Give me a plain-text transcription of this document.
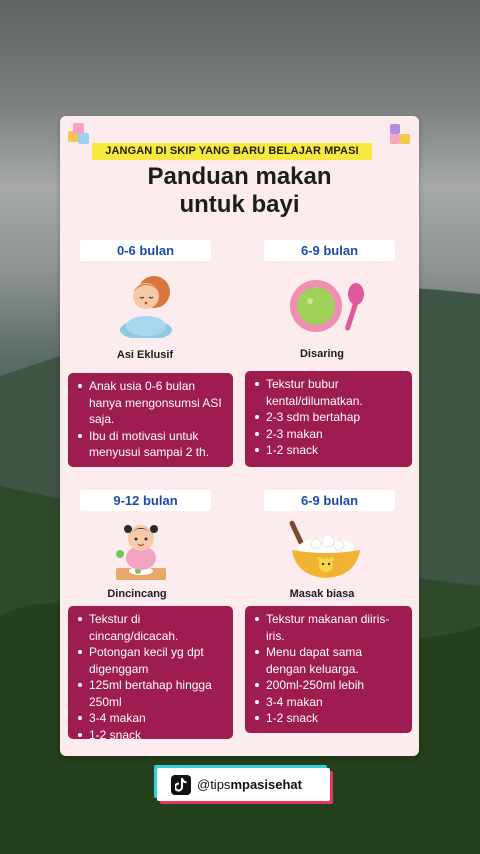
JANGAN DI SKIP YANG BARU BELAJAR MPASI
Panduan makan
untuk bayi
0-6 bulan
Asi Eklusif
Anak usia 0-6 bulan hanya mengonsumsi ASI saja.
Ibu di motivasi untuk menyusui sampai 2 th.
6-9 bulan
Disaring
Tekstur bubur kental/dilumatkan.
2-3 sdm bertahap
2-3 makan
1-2 snack
9-12 bulan
Dincincang
Tekstur di cincang/dicacah.
Potongan kecil yg dpt digenggam
125ml bertahap hingga 250ml
3-4 makan
1-2 snack
6-9 bulan
Masak biasa
Tekstur makanan diiris-iris.
Menu dapat sama dengan keluarga.
200ml-250ml lebih
3-4 makan
1-2 snack
@tipsmpasisehat
